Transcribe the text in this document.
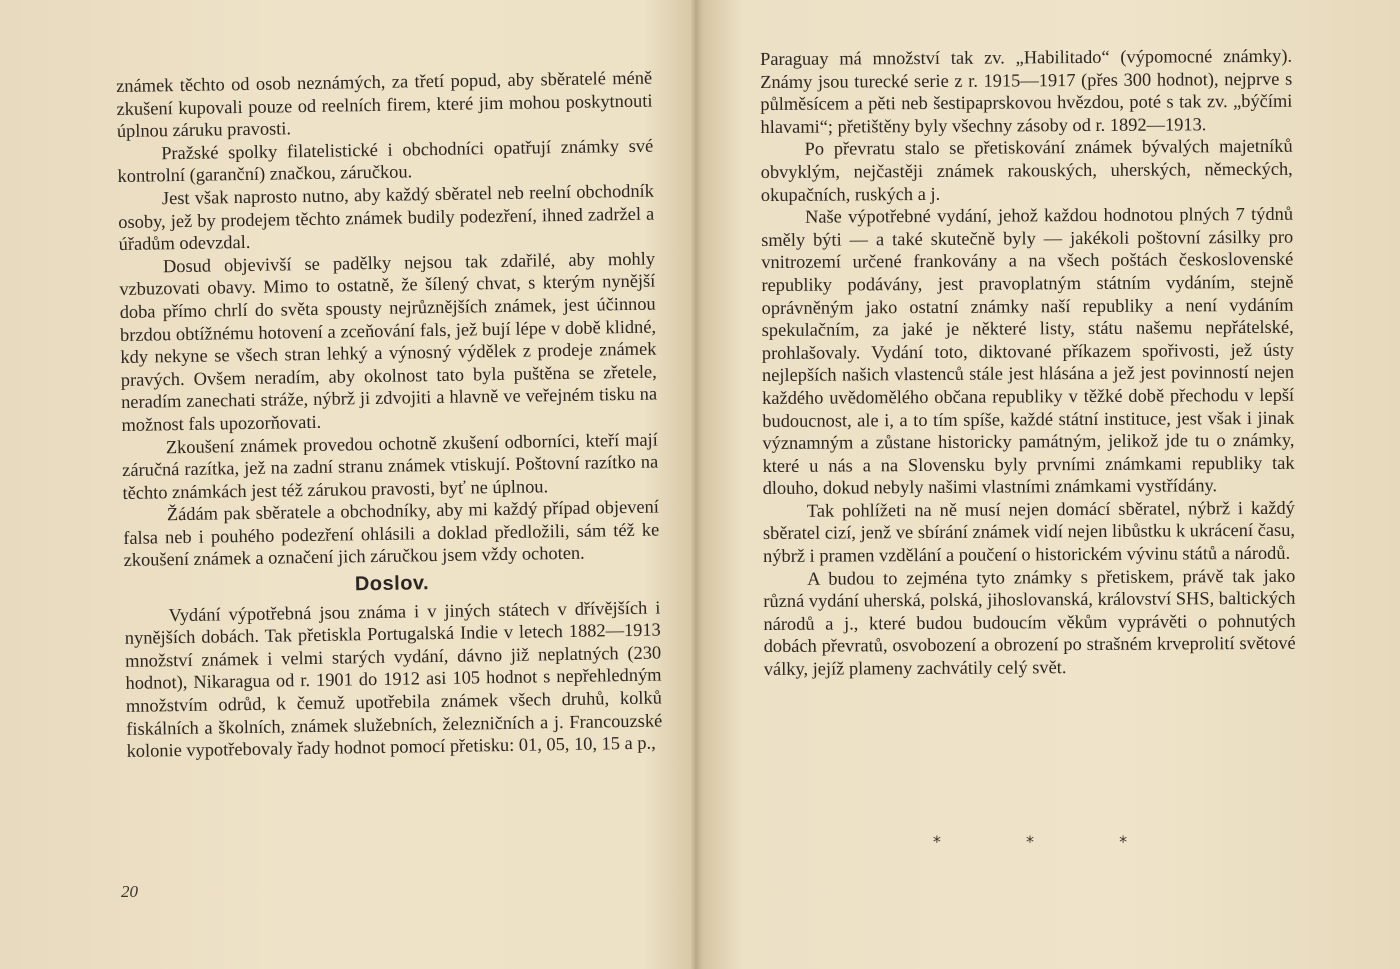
známek těchto od osob neznámých, za třetí popud, aby sběratelé méně zkušení kupovali pouze od reelních firem, které jim mohou poskytnouti úplnou záruku pravosti.

Pražské spolky filatelistické i obchodníci opatřují známky své kontrolní (garanční) značkou, záručkou.

Jest však naprosto nutno, aby každý sběratel neb reelní obchodník osoby, jež by prodejem těchto známek budily podezření, ihned zadržel a úřadům odevzdal.

Dosud objevivší se padělky nejsou tak zdařilé, aby mohly vzbuzovati obavy. Mimo to ostatně, že šílený chvat, s kterým nynější doba přímo chrlí do světa spousty nejrůznějších známek, jest účinnou brzdou obtížnému hotovení a zceňování fals, jež bují lépe v době klidné, kdy nekyne se všech stran lehký a výnosný výdělek z prodeje známek pravých. Ovšem neradím, aby okolnost tato byla puštěna se zřetele, neradím zanechati stráže, nýbrž ji zdvojiti a hlavně ve veřejném tisku na možnost fals upozorňovati.

Zkoušení známek provedou ochotně zkušení odborníci, kteří mají záručná razítka, jež na zadní stranu známek vtiskují. Poštovní razítko na těchto známkách jest též zárukou pravosti, byť ne úplnou.

Žádám pak sběratele a obchodníky, aby mi každý případ objevení falsa neb i pouhého podezření ohlásili a doklad předložili, sám též ke zkoušení známek a označení jich záručkou jsem vždy ochoten.

Doslov.

Vydání výpotřebná jsou známa i v jiných státech v dřívějších i nynějších dobách. Tak přetiskla Portugalská Indie v letech 1882—1913 množství známek i velmi starých vydání, dávno již neplatných (230 hodnot), Nikaragua od r. 1901 do 1912 asi 105 hodnot s nepřehledným množstvím odrůd, k čemuž upotřebila známek všech druhů, kolků fiskálních a školních, známek služebních, železničních a j. Francouzské kolonie vypotřebovaly řady hodnot pomocí přetisku: 01, 05, 10, 15 a p.,

20

Paraguay má množství tak zv. „Habilitado“ (výpomocné známky). Známy jsou turecké serie z r. 1915—1917 (přes 300 hodnot), nejprve s půlměsícem a pěti neb šestipaprskovou hvězdou, poté s tak zv. „býčími hlavami“; přetištěny byly všechny zásoby od r. 1892—1913.

Po převratu stalo se přetiskování známek bývalých majetníků obvyklým, nejčastěji známek rakouských, uherských, německých, okupačních, ruských a j.

Naše výpotřebné vydání, jehož každou hodnotou plných 7 týdnů směly býti — a také skutečně byly — jakékoli poštovní zásilky pro vnitrozemí určené frankovány a na všech poštách československé republiky podávány, jest pravoplatným státním vydáním, stejně oprávněným jako ostatní známky naší republiky a není vydáním spekulačním, za jaké je některé listy, státu našemu nepřátelské, prohlašovaly. Vydání toto, diktované příkazem spořivosti, jež ústy nejlepších našich vlastenců stále jest hlásána a jež jest povinností nejen každého uvědomělého občana republiky v těžké době přechodu v lepší budoucnost, ale i, a to tím spíše, každé státní instituce, jest však i jinak významným a zůstane historicky památným, jelikož jde tu o známky, které u nás a na Slovensku byly prvními známkami republiky tak dlouho, dokud nebyly našimi vlastními známkami vystřídány.

Tak pohlížeti na ně musí nejen domácí sběratel, nýbrž i každý sběratel cizí, jenž ve sbírání známek vidí nejen libůstku k ukrácení času, nýbrž i pramen vzdělání a poučení o historickém vývinu států a národů.

A budou to zejména tyto známky s přetiskem, právě tak jako různá vydání uherská, polská, jihoslovanská, království SHS, baltických národů a j., které budou budoucím věkům vyprávěti o pohnutých dobách převratů, osvobození a obrození po strašném krveprolití světové války, jejíž plameny zachvátily celý svět.

* * *
